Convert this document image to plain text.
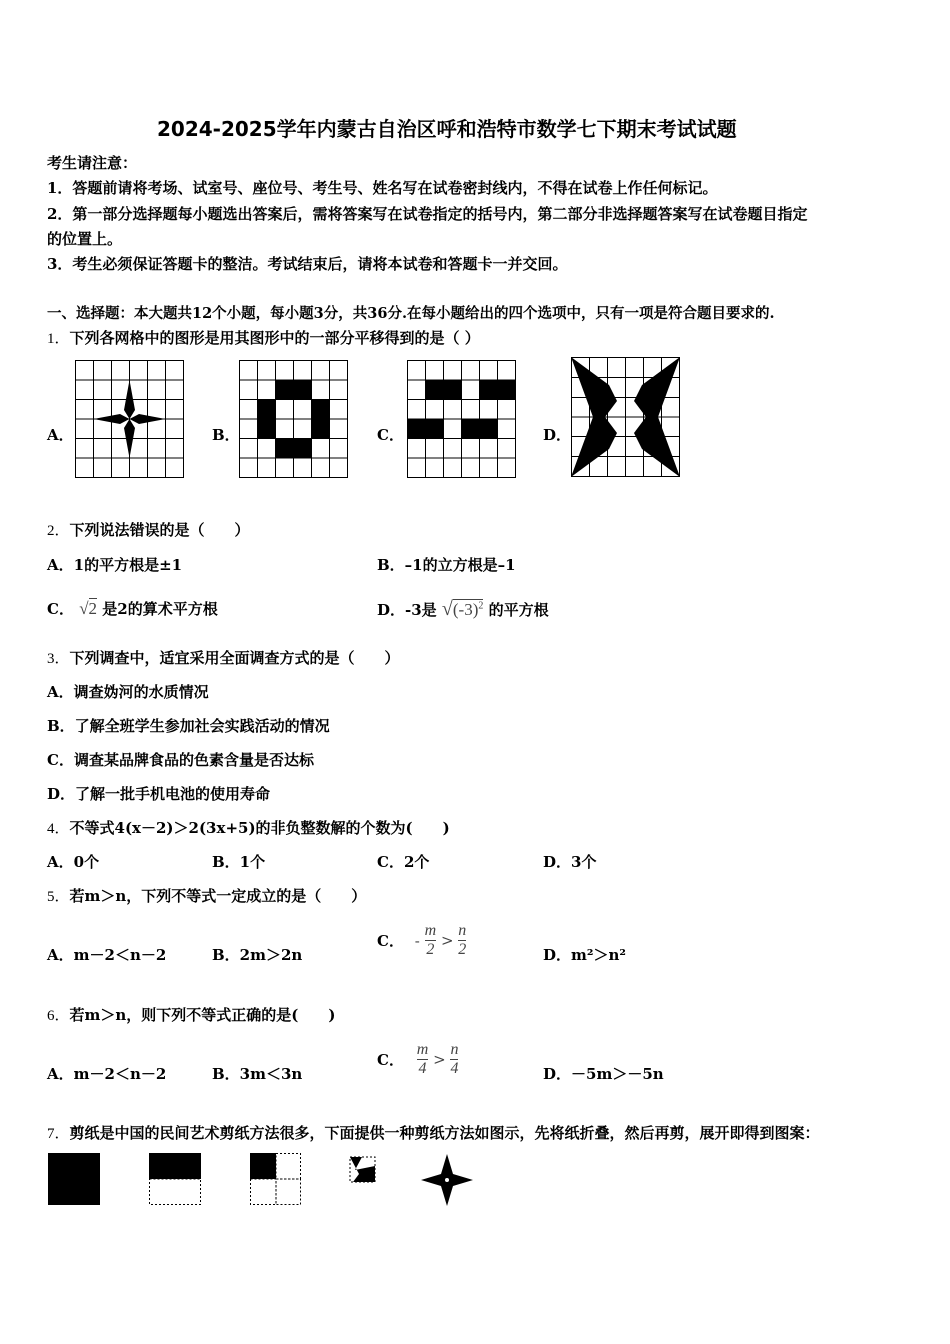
2024-2025学年内蒙古自治区呼和浩特市数学七下期末考试试题
考生请注意：
1．答题前请将考场、试室号、座位号、考生号、姓名写在试卷密封线内，不得在试卷上作任何标记。
2．第一部分选择题每小题选出答案后，需将答案写在试卷指定的括号内，第二部分非选择题答案写在试卷题目指定
的位置上。
3．考生必须保证答题卡的整洁。考试结束后，请将本试卷和答题卡一并交回。
一、选择题：本大题共12个小题，每小题3分，共36分.在每小题给出的四个选项中，只有一项是符合题目要求的.
1．下列各网格中的图形是用其图形中的一部分平移得到的是（ ）
A．	B．	C．	D．
2．下列说法错误的是（　　）
A．1的平方根是±1	B．–1的立方根是–1
C． √2 是2的算术平方根	D．-3是 $√(-3)^2$ 的平方根
3．下列调查中，适宜采用全面调查方式的是（　　）
A．调查妫河的水质情况
B．了解全班学生参加社会实践活动的情况
C．调查某品牌食品的色素含量是否达标
D．了解一批手机电池的使用寿命
4．不等式4(x－2)＞2(3x+5)的非负整数解的个数为(　　)
A．0个	B．1个	C．2个	D．3个
5．若m＞n，下列不等式一定成立的是（　　）
A．m－2＜n－2	B．2m＞2n
C． - $\frac{m}{2} > \frac{n}{2}$	D．m²＞n²
6．若m＞n，则下列不等式正确的是(　　)
A．m－2＜n－2	B．3m＜3n
C． $\frac{m}{4} > \frac{n}{4}$	D．－5m＞－5n
7．剪纸是中国的民间艺术剪纸方法很多，下面提供一种剪纸方法如图示，先将纸折叠，然后再剪，展开即得到图案：
